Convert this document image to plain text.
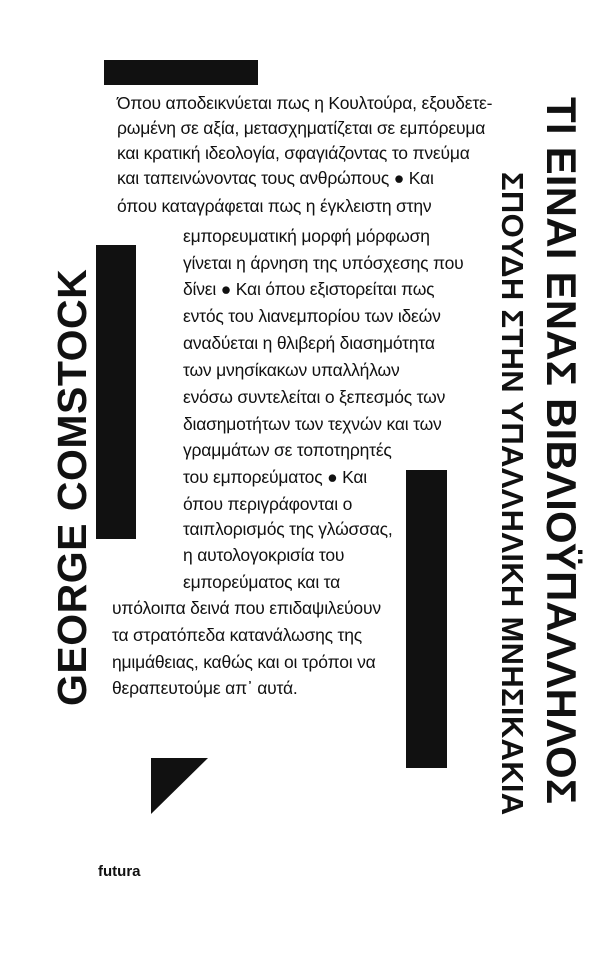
GEORGE COMSTOCK	ΤΙ ΕΙΝΑΙ ΕΝΑΣ ΒΙΒΛΙΟΫΠΑΛΛΗΛΟΣ
ΣΠΟΥΔΗ ΣΤΗΝ ΥΠΑΛΛΗΛΙΚΗ ΜΝΗΣΙΚΑΚΙΑ
Όπου αποδεικνύεται πως η Κουλτούρα, εξουδετε-
ρωμένη σε αξία, μετασχηματίζεται σε εμπόρευμα
και κρατική ιδεολογία, σφαγιάζοντας το πνεύμα
και ταπεινώνοντας τους ανθρώπους ● Και
όπου καταγράφεται πως η έγκλειστη στην
εμπορευματική μορφή μόρφωση
γίνεται η άρνηση της υπόσχεσης που
δίνει ● Και όπου εξιστορείται πως
εντός του λιανεμπορίου των ιδεών
αναδύεται η θλιβερή διασημότητα
των μνησίκακων υπαλλήλων
ενόσω συντελείται ο ξεπεσμός των
διασημοτήτων των τεχνών και των
γραμμάτων σε τοποτηρητές
του εμπορεύματος ● Και
όπου περιγράφονται ο
ταιπλορισμός της γλώσσας,
η αυτολογοκρισία του
εμπορεύματος και τα
υπόλοιπα δεινά που επιδαψιλεύουν
τα στρατόπεδα κατανάλωσης της
ημιμάθειας, καθώς και οι τρόποι να
θεραπευτούμε απ᾽ αυτά.
futura
